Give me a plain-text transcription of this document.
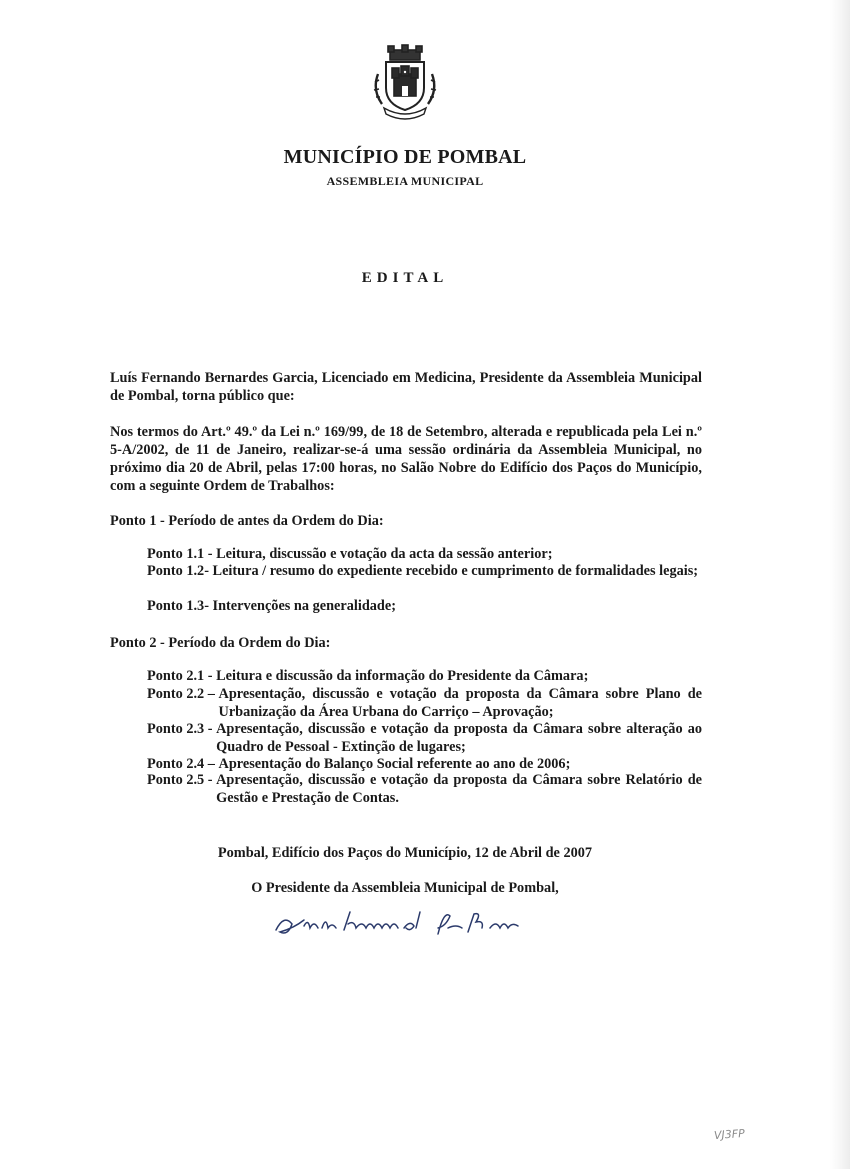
MUNICÍPIO DE POMBAL
ASSEMBLEIA MUNICIPAL
EDITAL
Luís Fernando Bernardes Garcia, Licenciado em Medicina, Presidente da Assembleia Municipal de Pombal, torna público que:
Nos termos do Art.º 49.º da Lei n.º 169/99, de 18 de Setembro, alterada e republicada pela Lei n.º 5-A/2002, de 11 de Janeiro, realizar-se-á uma sessão ordinária da Assembleia Municipal, no próximo dia 20 de Abril, pelas 17:00 horas, no Salão Nobre do Edifício dos Paços do Município, com a seguinte Ordem de Trabalhos:
Ponto 1 - Período de antes da Ordem do Dia:
Ponto 1.1 - Leitura, discussão e votação da acta da sessão anterior;
Ponto 1.2- Leitura / resumo do expediente recebido e cumprimento de formalidades legais;
Ponto 1.3- Intervenções na generalidade;
Ponto 2 - Período da Ordem do Dia:
Ponto 2.1 - Leitura e discussão da informação do Presidente da Câmara;
Ponto 2.2 – Apresentação, discussão e votação da proposta da Câmara sobre Plano de Urbanização da Área Urbana do Carriço – Aprovação;
Ponto 2.3 - Apresentação, discussão e votação da proposta da Câmara sobre alteração ao Quadro de Pessoal - Extinção de lugares;
Ponto 2.4 – Apresentação do Balanço Social referente ao ano de 2006;
Ponto 2.5 - Apresentação, discussão e votação da proposta da Câmara sobre Relatório de Gestão e Prestação de Contas.
Pombal, Edifício dos Paços do Município, 12 de Abril de 2007
O Presidente da Assembleia Municipal de Pombal,
VJ3FP
